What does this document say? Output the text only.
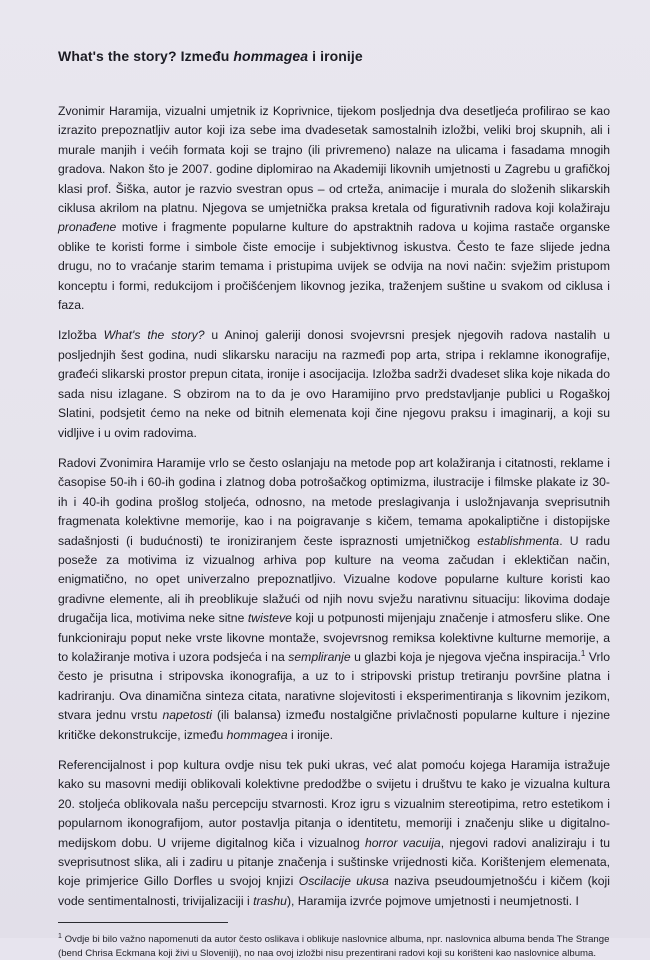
What's the story? Između hommagea i ironije

Zvonimir Haramija, vizualni umjetnik iz Koprivnice, tijekom posljednja dva desetljeća profilirao se kao izrazito prepoznatljiv autor koji iza sebe ima dvadesetak samostalnih izložbi, veliki broj skupnih, ali i murale manjih i većih formata koji se trajno (ili privremeno) nalaze na ulicama i fasadama mnogih gradova. Nakon što je 2007. godine diplomirao na Akademiji likovnih umjetnosti u Zagrebu u grafičkoj klasi prof. Šiška, autor je razvio svestran opus – od crteža, animacije i murala do složenih slikarskih ciklusa akrilom na platnu. Njegova se umjetnička praksa kretala od figurativnih radova koji kolažiraju pronađene motive i fragmente popularne kulture do apstraktnih radova u kojima rastače organske oblike te koristi forme i simbole čiste emocije i subjektivnog iskustva. Često te faze slijede jedna drugu, no to vraćanje starim temama i pristupima uvijek se odvija na novi način: svježim pristupom konceptu i formi, redukcijom i pročišćenjem likovnog jezika, traženjem suštine u svakom od ciklusa i faza.

Izložba What's the story? u Aninoj galeriji donosi svojevrsni presjek njegovih radova nastalih u posljednjih šest godina, nudi slikarsku naraciju na razmeđi pop arta, stripa i reklamne ikonografije, građeći slikarski prostor prepun citata, ironije i asocijacija. Izložba sadrži dvadeset slika koje nikada do sada nisu izlagane. S obzirom na to da je ovo Haramijino prvo predstavljanje publici u Rogaškoj Slatini, podsjetit ćemo na neke od bitnih elemenata koji čine njegovu praksu i imaginarij, a koji su vidljive i u ovim radovima.

Radovi Zvonimira Haramije vrlo se često oslanjaju na metode pop art kolažiranja i citatnosti, reklame i časopise 50-ih i 60-ih godina i zlatnog doba potrošačkog optimizma, ilustracije i filmske plakate iz 30-ih i 40-ih godina prošlog stoljeća, odnosno, na metode preslagivanja i usložnjavanja sveprisutnih fragmenata kolektivne memorije, kao i na poigravanje s kičem, temama apokaliptične i distopijske sadašnjosti (i budućnosti) te ironiziranjem česte ispraznosti umjetničkog establishmenta. U radu poseže za motivima iz vizualnog arhiva pop kulture na veoma začudan i eklektičan način, enigmatično, no opet univerzalno prepoznatljivo. Vizualne kodove popularne kulture koristi kao gradivne elemente, ali ih preoblikuje slažući od njih novu svježu narativnu situaciju: likovima dodaje drugačija lica, motivima neke sitne twisteve koji u potpunosti mijenjaju značenje i atmosferu slike. One funkcioniraju poput neke vrste likovne montaže, svojevrsnog remiksa kolektivne kulturne memorije, a to kolažiranje motiva i uzora podsjeća i na sempliranje u glazbi koja je njegova vječna inspiracija.$^1$ Vrlo često je prisutna i stripovska ikonografija, a uz to i stripovski pristup tretiranju površine platna i kadriranju. Ova dinamična sinteza citata, narativne slojevitosti i eksperimentiranja s likovnim jezikom, stvara jednu vrstu napetosti (ili balansa) između nostalgične privlačnosti popularne kulture i njezine kritičke dekonstrukcije, između hommagea i ironije.

Referencijalnost i pop kultura ovdje nisu tek puki ukras, već alat pomoću kojega Haramija istražuje kako su masovni mediji oblikovali kolektivne predodžbe o svijetu i društvu te kako je vizualna kultura 20. stoljeća oblikovala našu percepciju stvarnosti. Kroz igru s vizualnim stereotipima, retro estetikom i popularnom ikonografijom, autor postavlja pitanja o identitetu, memoriji i značenju slike u digitalno-medijskom dobu. U vrijeme digitalnog kiča i vizualnog horror vacuija, njegovi radovi analiziraju i tu sveprisutnost slika, ali i zadiru u pitanje značenja i suštinske vrijednosti kiča. Korištenjem elemenata, koje primjerice Gillo Dorfles u svojoj knjizi Oscilacije ukusa naziva pseudoumjetnošću i kičem (koji vode sentimentalnosti, trivijalizaciji i trashu), Haramija izvrće pojmove umjetnosti i neumjetnosti. I

$^1$ Ovdje bi bilo važno napomenuti da autor često oslikava i oblikuje naslovnice albuma, npr. naslovnica albuma benda The Strange (bend Chrisa Eckmana koji živi u Sloveniji), no naa ovoj izložbi nisu prezentirani radovi koji su korišteni kao naslovnice albuma.
